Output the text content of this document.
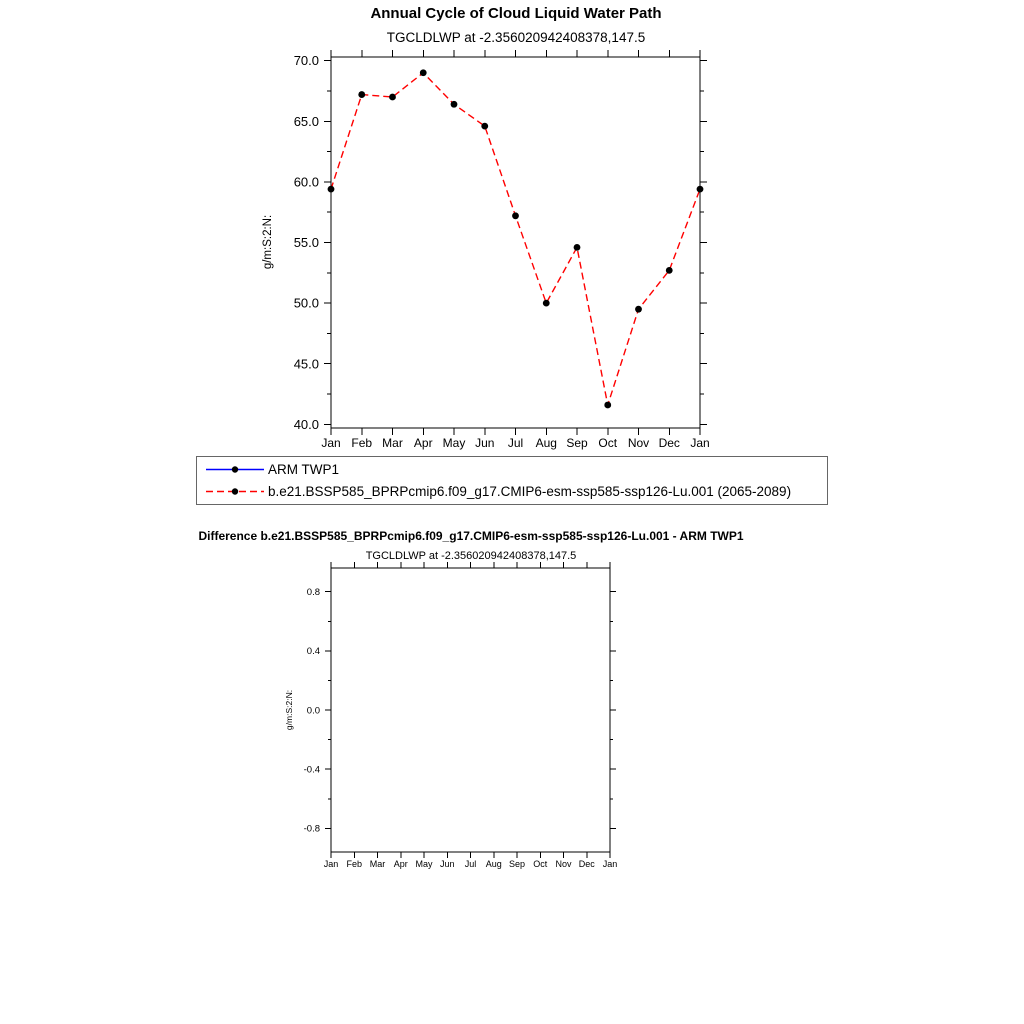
Annual Cycle of Cloud Liquid Water Path
TGCLDLWP at -2.356020942408378,147.5
Difference b.e21.BSSP585_BPRPcmip6.f09_g17.CMIP6-esm-ssp585-ssp126-Lu.001 - ARM TWP1
TGCLDLWP at -2.356020942408378,147.5
g/m:S:2:N:
g/m:S:2:N:
40.0
45.0
50.0
55.0
60.0
65.0
70.0
Jan Feb Mar Apr May Jun Jul Aug Sep Oct Nov Dec Jan
-0.8
-0.4
0.0
0.4
0.8
Jan Feb Mar Apr May Jun Jul Aug Sep Oct Nov Dec Jan
ARM TWP1
b.e21.BSSP585_BPRPcmip6.f09_g17.CMIP6-esm-ssp585-ssp126-Lu.001 (2065-2089)
